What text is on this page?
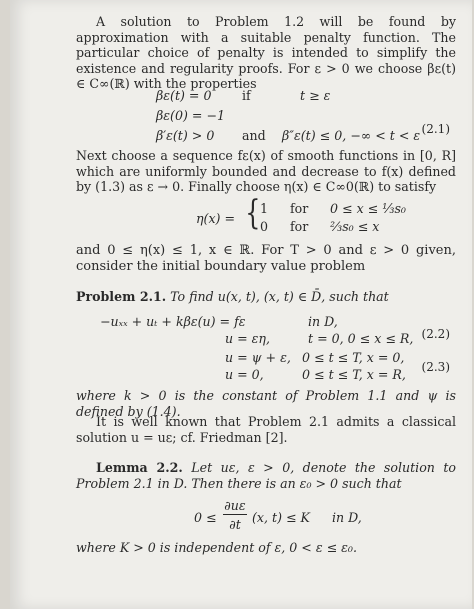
A solution to Problem 1.2 will be found by approximation with a suitable penalty function. The particular choice of penalty is intended to simplify the existence and regularity proofs. For ε > 0 we choose βε(t) ∈ C∞(ℝ) with the properties
βε(t) = 0 if	t ≥ ε
βε(0) = −1
β′ε(t) > 0 and β″ε(t) ≤ 0, −∞ < t < ε (2.1)
Next choose a sequence fε(x) of smooth functions in [0, R] which are uniformly bounded and decrease to f(x) defined by (1.3) as ε → 0. Finally choose η(x) ∈ C∞0(ℝ) to satisfy
η(x) = { 1 for 0 ≤ x ≤ ⅓s₀
0 for ⅔s₀ ≤ x
and 0 ≤ η(x) ≤ 1, x ∈ ℝ. For T > 0 and ε > 0 given, consider the initial boundary value problem
Problem 2.1. To find u(x, t), (x, t) ∈ D̄, such that
−uₓₓ + uₜ + kβε(u) = fε	in D,
u = εη,	t = 0, 0 ≤ x ≤ R, (2.2)
u = ψ + ε, 0 ≤ t ≤ T, x = 0,
u = 0,	0 ≤ t ≤ T, x = R, (2.3)
where k > 0 is the constant of Problem 1.1 and ψ is defined by (1.4).
It is well known that Problem 2.1 admits a classical solution u = uε; cf. Friedman [2].
Lemma 2.2. Let uε, ε > 0, denote the solution to Problem 2.1 in D. Then there is an ε₀ > 0 such that
0 ≤
∂uε
∂t (x, t) ≤ K in D,
where K > 0 is independent of ε, 0 < ε ≤ ε₀.
